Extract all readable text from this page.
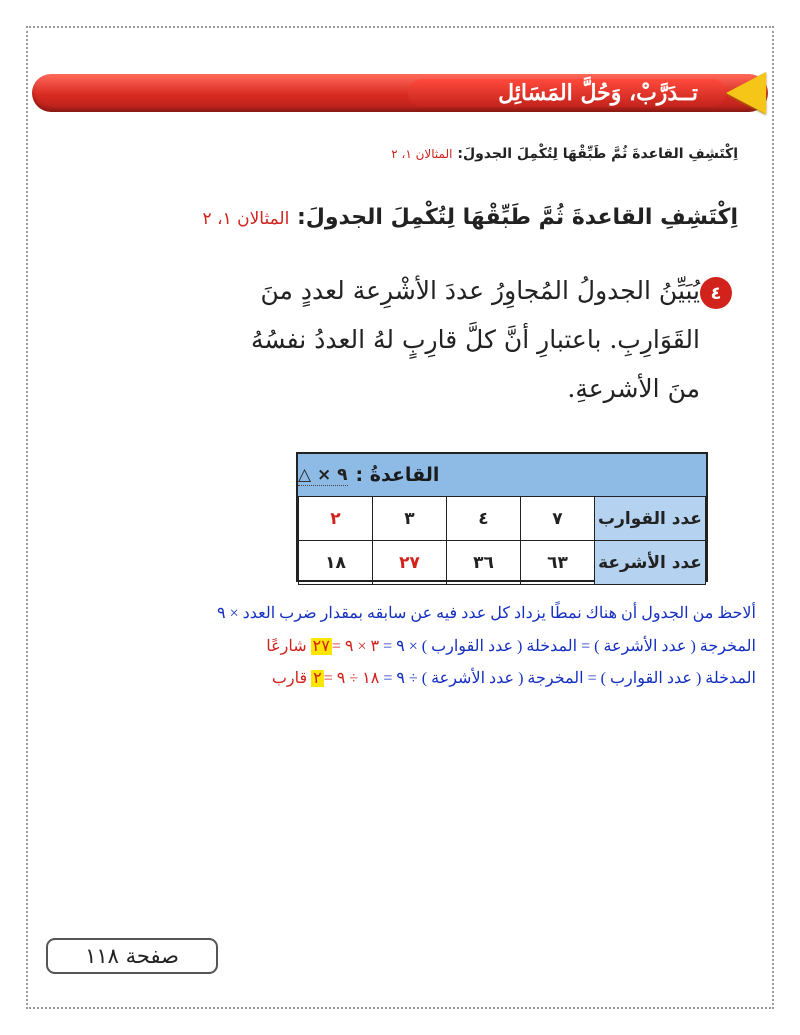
تــدَرَّبْ، وَحُلَّ المَسَائِل
اِكْتَشِفِ القاعدةَ ثُمَّ طَبِّقْهَا لِتُكْمِلَ الجدولَ: المثالان ١، ٢
اِكْتَشِفِ القاعدةَ ثُمَّ طَبِّقْهَا لِتُكْمِلَ الجدولَ: المثالان ١، ٢
٤
يُبَيِّنُ الجدولُ المُجاوِرُ عددَ الأشْرِعة لعددٍ منَ
القَوَارِبِ. باعتبارِ أنَّ كلَّ قارِبٍ لهُ العددُ نفسُهُ
منَ الأشرعةِ.
القاعدةُ :
٩ × △
٢	٣	٤	٧	عدد القوارب
١٨	٢٧	٣٦	٦٣	عدد الأشرعة
ألاحظ من الجدول أن هناك نمطًا يزداد كل عدد فيه عن سابقه بمقدار ضرب العدد × ٩
المخرجة ( عدد الأشرعة ) = المدخلة ( عدد القوارب ) × ٩ = ٣ × ٩ =٢٧ شارعًا
المدخلة ( عدد القوارب ) = المخرجة ( عدد الأشرعة ) ÷ ٩ = ١٨ ÷ ٩ =٢ قارب
صفحة ١١٨
